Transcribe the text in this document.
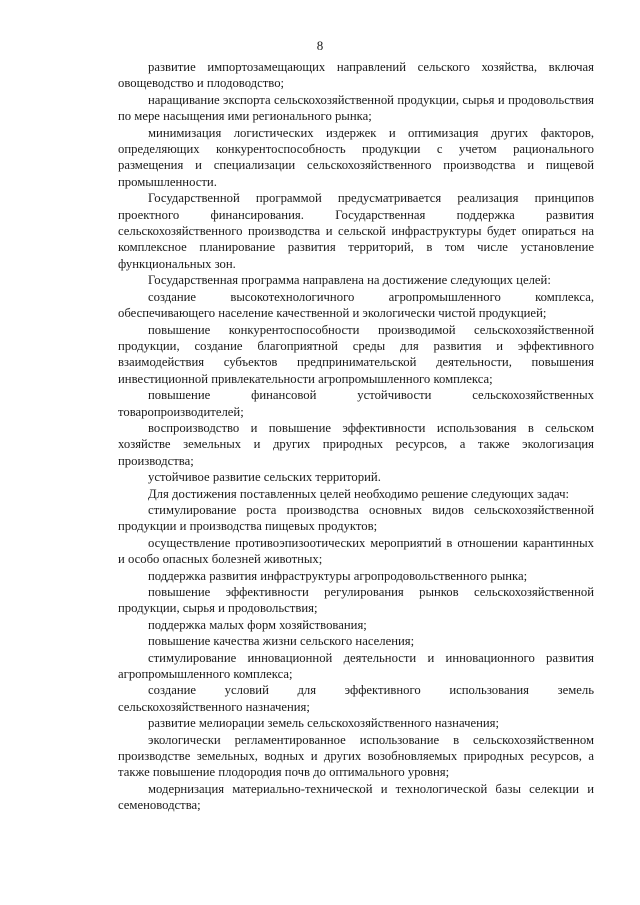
8

развитие импортозамещающих направлений сельского хозяйства, включая овощеводство и плодоводство;

наращивание экспорта сельскохозяйственной продукции, сырья и продовольствия по мере насыщения ими регионального рынка;

минимизация логистических издержек и оптимизация других факторов, определяющих конкурентоспособность продукции с учетом рационального размещения и специализации сельскохозяйственного производства и пищевой промышленности.

Государственной программой предусматривается реализация принципов проектного финансирования. Государственная поддержка развития сельскохозяйственного производства и сельской инфраструктуры будет опираться на комплексное планирование развития территорий, в том числе установление функциональных зон.

Государственная программа направлена на достижение следующих целей:

создание высокотехнологичного агропромышленного комплекса, обеспечивающего население качественной и экологически чистой продукцией;

повышение конкурентоспособности производимой сельскохозяйственной продукции, создание благоприятной среды для развития и эффективного взаимодействия субъектов предпринимательской деятельности, повышения инвестиционной привлекательности агропромышленного комплекса;

повышение финансовой устойчивости сельскохозяйственных товаропроизводителей;

воспроизводство и повышение эффективности использования в сельском хозяйстве земельных и других природных ресурсов, а также экологизация производства;

устойчивое развитие сельских территорий.

Для достижения поставленных целей необходимо решение следующих задач:

стимулирование роста производства основных видов сельскохозяйственной продукции и производства пищевых продуктов;

осуществление противоэпизоотических мероприятий в отношении карантинных и особо опасных болезней животных;

поддержка развития инфраструктуры агропродовольственного рынка;

повышение эффективности регулирования рынков сельскохозяйственной продукции, сырья и продовольствия;

поддержка малых форм хозяйствования;

повышение качества жизни сельского населения;

стимулирование инновационной деятельности и инновационного развития агропромышленного комплекса;

создание условий для эффективного использования земель сельскохозяйственного назначения;

развитие мелиорации земель сельскохозяйственного назначения;

экологически регламентированное использование в сельскохозяйственном производстве земельных, водных и других возобновляемых природных ресурсов, а также повышение плодородия почв до оптимального уровня;

модернизация материально-технической и технологической базы селекции и семеноводства;
